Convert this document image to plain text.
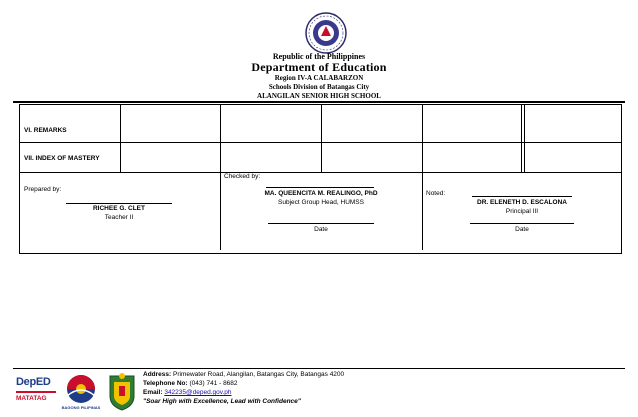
Republic of the Philippines
Department of Education
Region IV-A CALABARZON
Schools Division of Batangas City
ALANGILAN SENIOR HIGH SCHOOL
VI. REMARKS
VII. INDEX OF MASTERY
Prepared by:
RICHEE G. CLET
Teacher II
Checked by:
MA. QUEENCITA M. REALINGO, PhD
Subject Group Head, HUMSS
Date
Noted:
DR. ELENETH D. ESCALONA
Principal III
Date
DepED
MATATAG
BAGONG PILIPINAS
Address: Primewater Road, Alangilan, Batangas City, Batangas 4200
Telephone No: (043) 741 - 8682
Email: 342235@deped.gov.ph
"Soar High with Excellence, Lead with Confidence"
